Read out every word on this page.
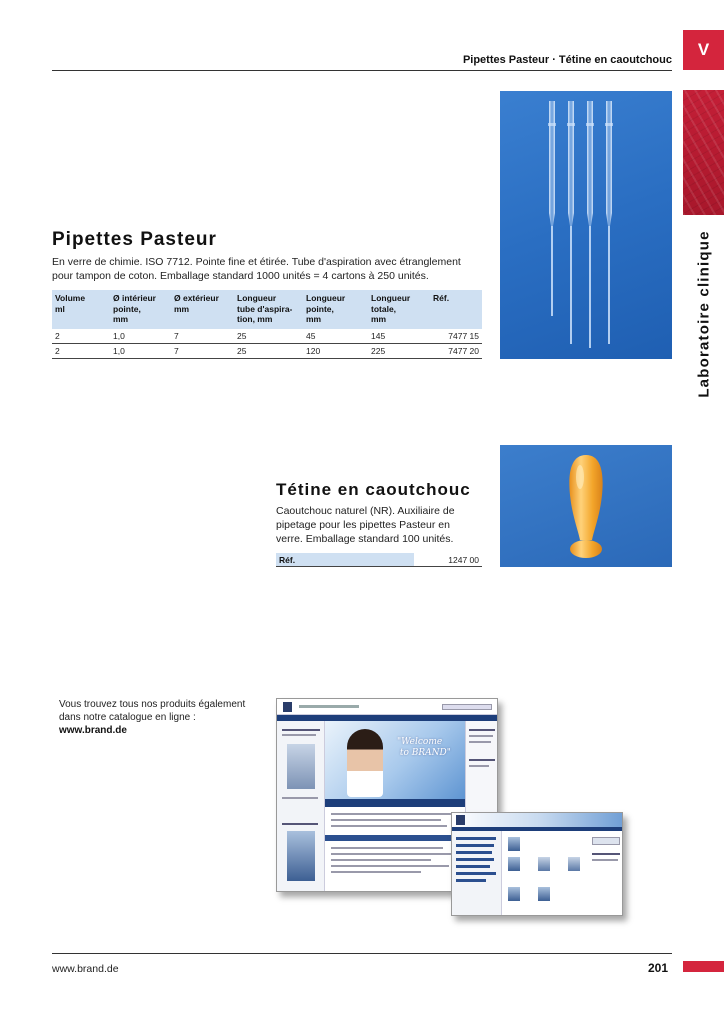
Pipettes Pasteur · Tétine en caoutchouc
V
Laboratoire clinique
Pipettes Pasteur
En verre de chimie. ISO 7712. Pointe fine et étirée. Tube d'aspiration avec étranglement pour tampon de coton. Emballage standard 1000 unités = 4 cartons à 250 unités.
Volume
ml	Ø intérieur
pointe,
mm	Ø extérieur
mm	Longueur
tube d'aspira-
tion, mm	Longueur
pointe,
mm	Longueur
totale,
mm	Réf.

2	1,0	7	25	45	145	7477 15
2	1,0	7	25	120	225	7477 20
Tétine en caoutchouc
Caoutchouc naturel (NR). Auxiliaire de pipetage pour les pipettes Pasteur en verre. Emballage standard 100 unités.
Réf.	1247 00
Vous trouvez tous nos produits également dans notre catalogue en ligne :
www.brand.de
"Welcome
to BRAND"
www.brand.de	201
